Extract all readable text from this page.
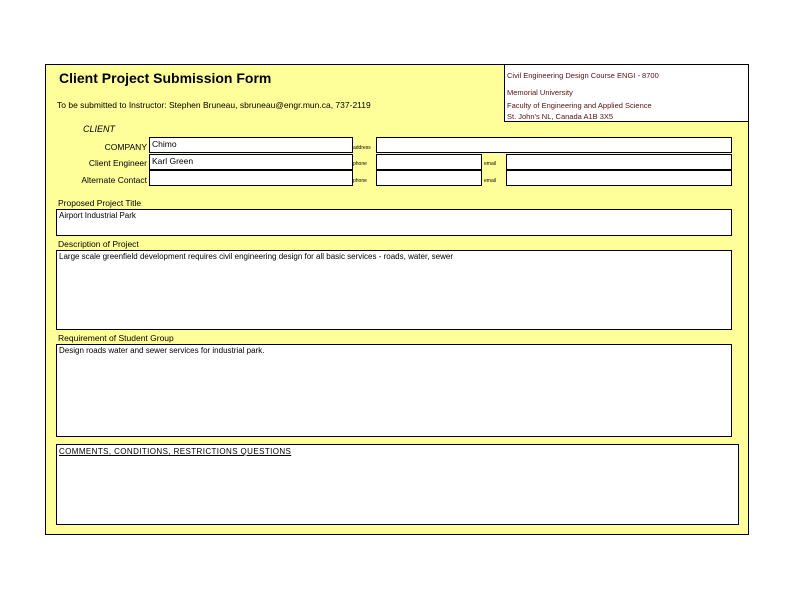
Civil Engineering Design Course ENGI - 8700
Memorial University
Faculty of Engineering and Applied Science
St. John's NL, Canada A1B 3X5
Client Project Submission Form
To be submitted to Instructor: Stephen Bruneau, sbruneau@engr.mun.ca, 737-2119
CLIENT
COMPANY Chimo	address
Client Engineer Karl Green	phone	email
Alternate Contact	phone	email
Proposed Project Title
Airport Industrial Park
Description of Project
Large scale greenfield development requires civil engineering design for all basic services - roads, water, sewer
Requirement of Student Group
Design roads water and sewer services for industrial park.
COMMENTS, CONDITIONS, RESTRICTIONS QUESTIONS
